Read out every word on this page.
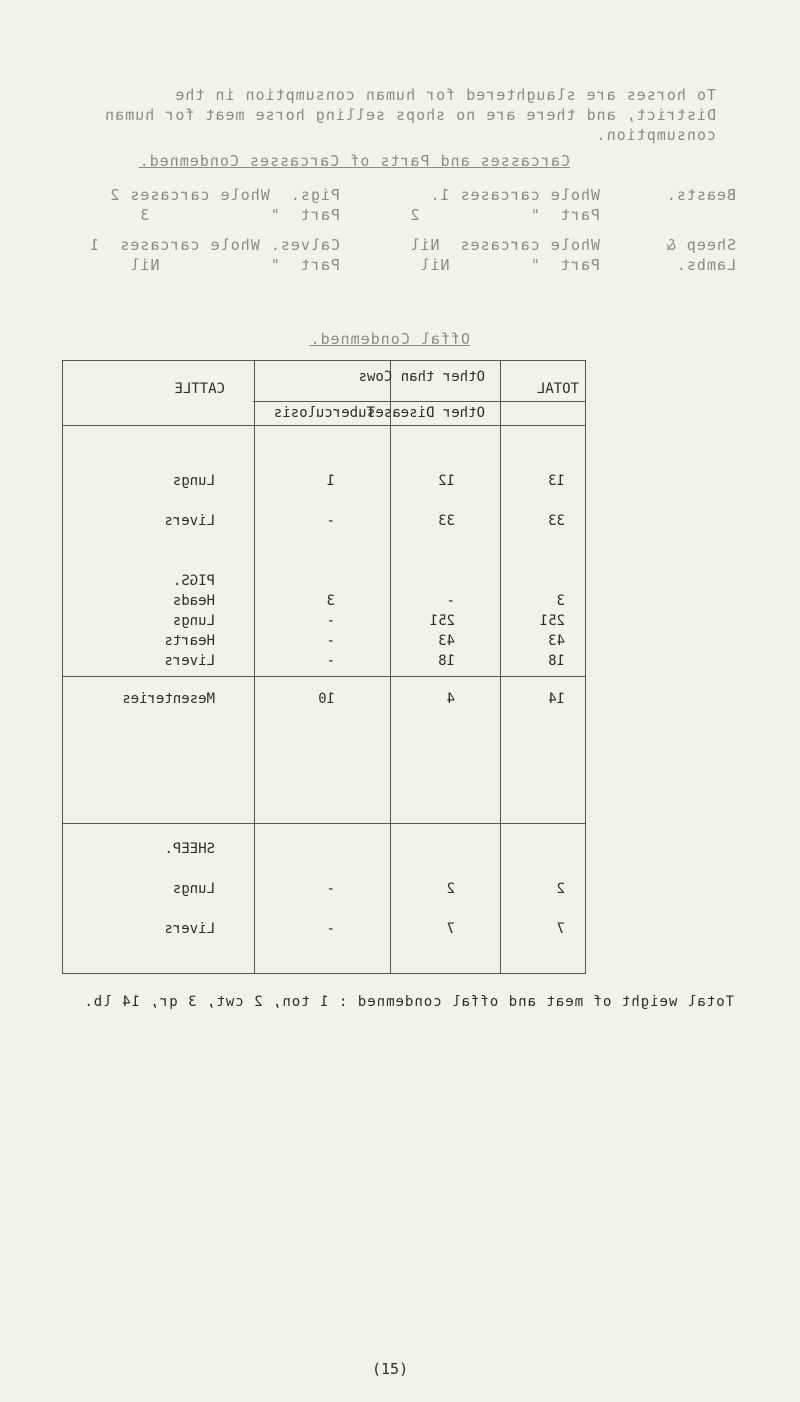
To horses are slaughtered for human consumption in the
District, and there are no shops selling horse meat for human
consumption.
Carcasses and Parts of Carcasses Condemned.
Beasts.
Whole carcases 1.
Pigs.  Whole carcases 2
Part  "           2
Part  "            3
Sheep &
Whole carcases  Nil
Calves. Whole carcases  1
Lambs.
Part  "        Nil
Part  "           Nil
Offal Condemned.
TOTAL
Other than Cows
Other Diseases
Tuberculosis
CATTLE
13
12
1
Lungs
33
33
-
Livers
PIGS.
3
-
3
Heads
251
251
-
Lungs
43
43
-
Hearts
18
18
-
Livers
14
4
10
Mesenteries
SHEEP.
2
2
-
Lungs
7
7
-
Livers
Total weight of meat and offal condemned : 1 ton, 2 cwt, 3 qr, 14 lb.
(15)
